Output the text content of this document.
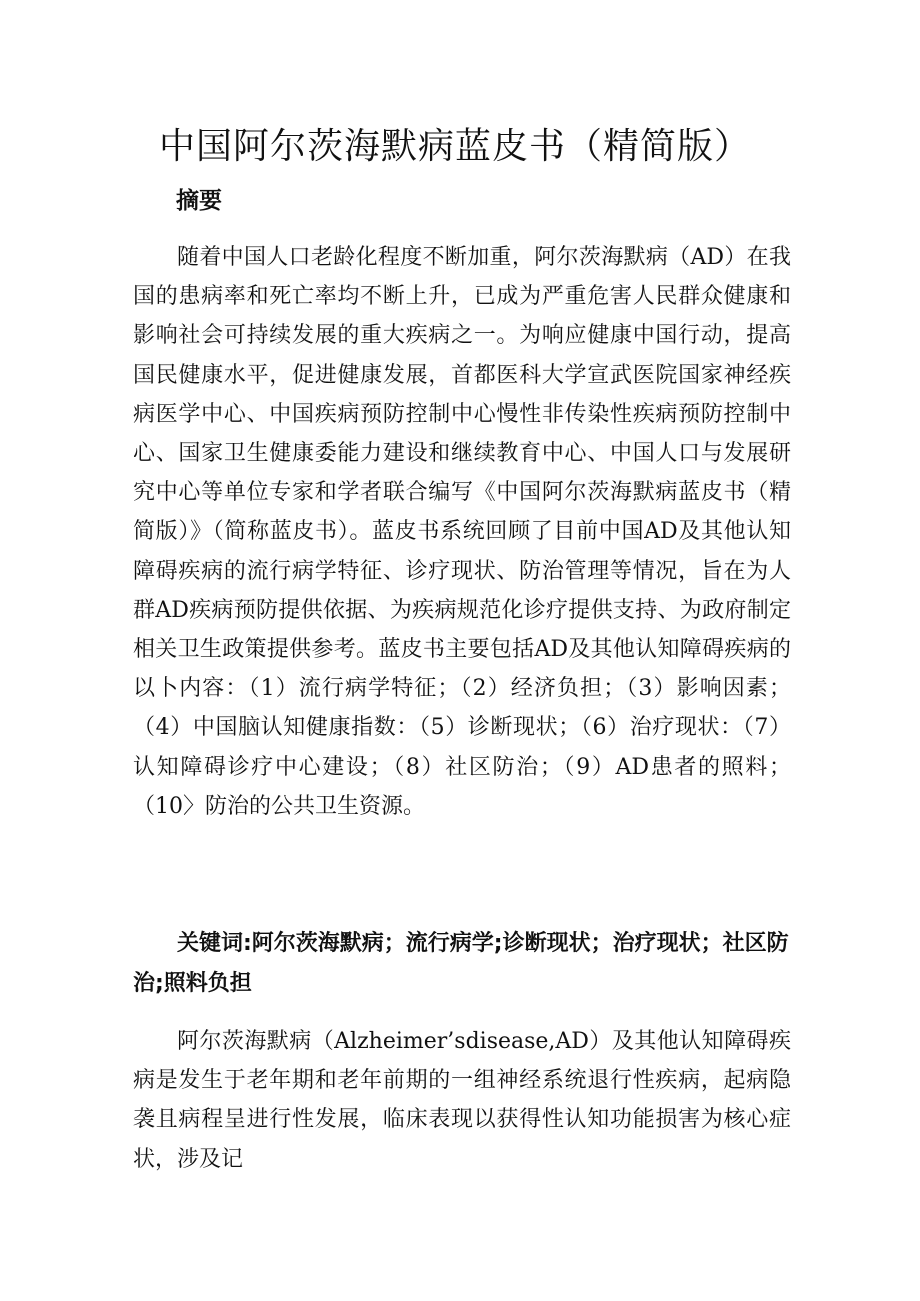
中国阿尔茨海默病蓝皮书（精简版）
摘要

随着中国人口老龄化程度不断加重，阿尔茨海默病（AD）在我国的患病率和死亡率均不断上升，已成为严重危害人民群众健康和影响社会可持续发展的重大疾病之一。为响应健康中国行动，提高国民健康水平，促进健康发展，首都医科大学宣武医院国家神经疾病医学中心、中国疾病预防控制中心慢性非传染性疾病预防控制中心、国家卫生健康委能力建设和继续教育中心、中国人口与发展研究中心等单位专家和学者联合编写《中国阿尔茨海默病蓝皮书（精简版）》（简称蓝皮书）。蓝皮书系统回顾了目前中国AD及其他认知障碍疾病的流行病学特征、诊疗现状、防治管理等情况，旨在为人群AD疾病预防提供依据、为疾病规范化诊疗提供支持、为政府制定相关卫生政策提供参考。蓝皮书主要包括AD及其他认知障碍疾病的以卜内容：（1）流行病学特征；（2）经济负担；（3）影响因素；（4）中国脑认知健康指数：（5）诊断现状；（6）治疗现状：（7）认知障碍诊疗中心建设；（8）社区防治；（9）AD患者的照料；（10〉防治的公共卫生资源。

关键词:阿尔茨海默病；流行病学;诊断现状；治疗现状；社区防治;照料负担

阿尔茨海默病（Alzheimer’sdisease,AD）及其他认知障碍疾病是发生于老年期和老年前期的一组神经系统退行性疾病，起病隐袭且病程呈进行性发展，临床表现以获得性认知功能损害为核心症状，涉及记
